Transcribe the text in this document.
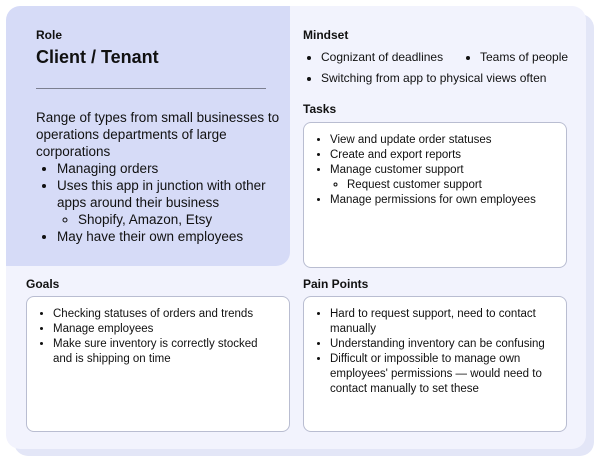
Role
Client / Tenant
Range of types from small businesses to operations departments of large corporations
• Managing orders
• Uses this app in junction with other apps around their business
◦ Shopify, Amazon, Etsy
• May have their own employees
Mindset
• Cognizant of deadlines
•	Teams of people
• Switching from app to physical views often
Tasks
• View and update order statuses
• Create and export reports
• Manage customer support
◦ Request customer support
• Manage permissions for own employees
Goals
• Checking statuses of orders and trends
• Manage employees
• Make sure inventory is correctly stocked and is shipping on time
Pain Points
• Hard to request support, need to contact manually
• Understanding inventory can be confusing
• Difficult or impossible to manage own employees' permissions — would need to contact manually to set these
